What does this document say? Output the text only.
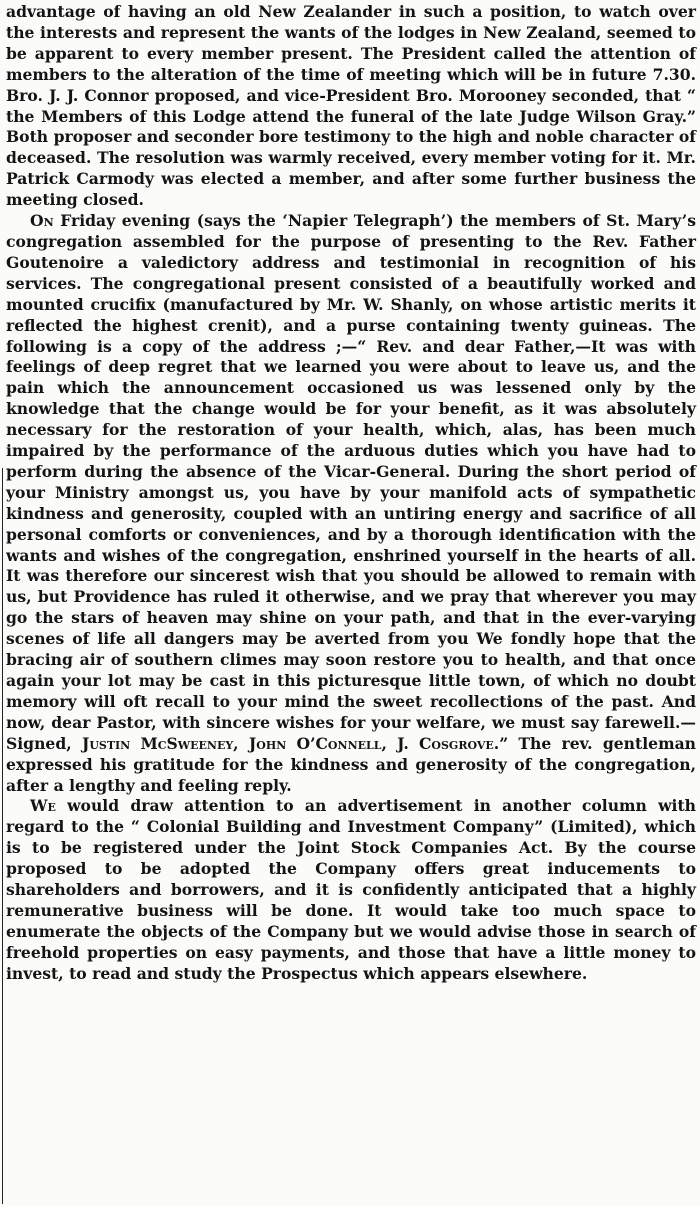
advantage of having an old New Zealander in such a position, to watch over the interests and represent the wants of the lodges in New Zealand, seemed to be apparent to every member present. The President called the attention of members to the alteration of the time of meeting which will be in future 7.30. Bro. J. J. Connor proposed, and vice-President Bro. Morooney seconded, that “ the Members of this Lodge attend the funeral of the late Judge Wilson Gray.” Both proposer and seconder bore testimony to the high and noble character of deceased. The resolution was warmly received, every member voting for it. Mr. Patrick Carmody was elected a member, and after some further business the meeting closed.

On Friday evening (says the ‘Napier Telegraph’) the members of St. Mary’s congregation assembled for the purpose of presenting to the Rev. Father Goutenoire a valedictory address and testimonial in recognition of his services. The congregational present consisted of a beautifully worked and mounted crucifix (manufactured by Mr. W. Shanly, on whose artistic merits it reflected the highest crenit), and a purse containing twenty guineas. The following is a copy of the address ;—“ Rev. and dear Father,—It was with feelings of deep regret that we learned you were about to leave us, and the pain which the announcement occasioned us was lessened only by the knowledge that the change would be for your benefit, as it was absolutely necessary for the restoration of your health, which, alas, has been much impaired by the performance of the arduous duties which you have had to perform during the absence of the Vicar-General. During the short period of your Ministry amongst us, you have by your manifold acts of sympathetic kindness and generosity, coupled with an untiring energy and sacrifice of all personal comforts or conveniences, and by a thorough identification with the wants and wishes of the congregation, enshrined yourself in the hearts of all. It was therefore our sincerest wish that you should be allowed to remain with us, but Providence has ruled it otherwise, and we pray that wherever you may go the stars of heaven may shine on your path, and that in the ever-varying scenes of life all dangers may be averted from you We fondly hope that the bracing air of southern climes may soon restore you to health, and that once again your lot may be cast in this picturesque little town, of which no doubt memory will oft recall to your mind the sweet recollections of the past. And now, dear Pastor, with sincere wishes for your welfare, we must say farewell.—Signed, Justin McSweeney, John O’Connell, J. Cosgrove.” The rev. gentleman expressed his gratitude for the kindness and generosity of the congregation, after a lengthy and feeling reply.

We would draw attention to an advertisement in another column with regard to the “ Colonial Building and Investment Company” (Limited), which is to be registered under the Joint Stock Companies Act. By the course proposed to be adopted the Company offers great inducements to shareholders and borrowers, and it is confidently anticipated that a highly remunerative business will be done. It would take too much space to enumerate the objects of the Company but we would advise those in search of freehold properties on easy payments, and those that have a little money to invest, to read and study the Prospectus which appears elsewhere.
